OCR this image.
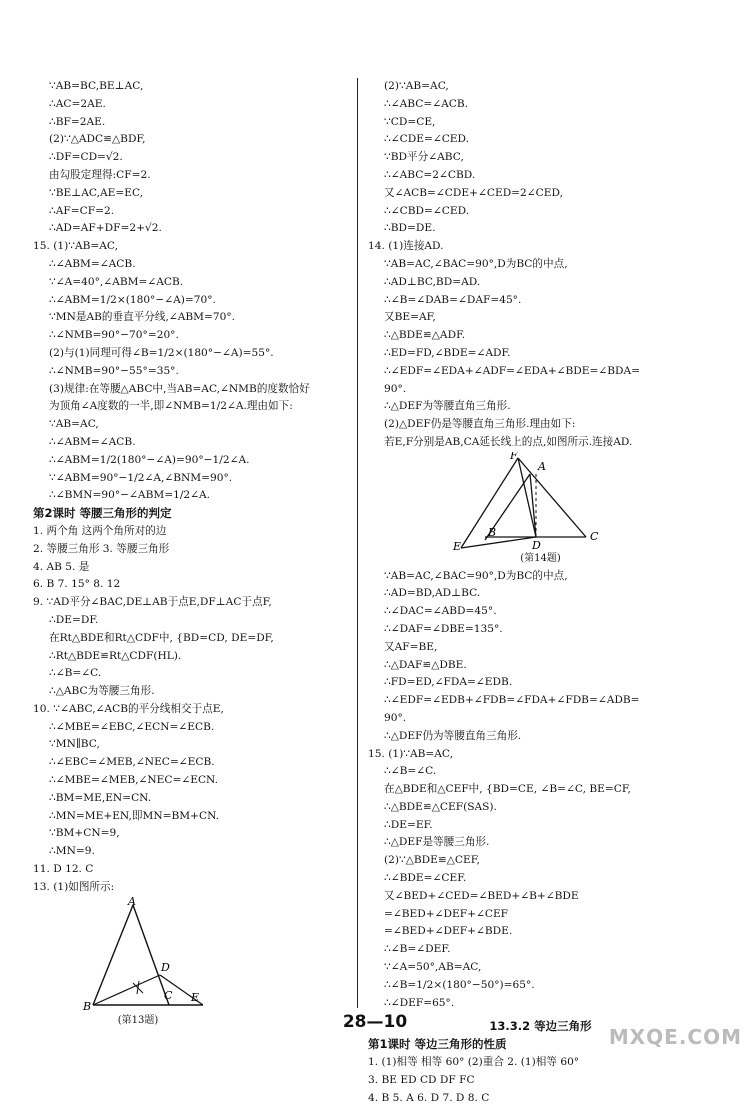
∵AB=BC,BE⊥AC,
∴AC=2AE.
∴BF=2AE.
(2)∵△ADC≌△BDF,
∴DF=CD=√2.
由勾股定理得:CF=2.
∵BE⊥AC,AE=EC,
∴AF=CF=2.
∴AD=AF+DF=2+√2.
15. (1)∵AB=AC,
∴∠ABM=∠ACB.
∵∠A=40°,∠ABM=∠ACB.
∴∠ABM=1/2×(180°−∠A)=70°.
∵MN是AB的垂直平分线,∠ABM=70°.
∴∠NMB=90°−70°=20°.
(2)与(1)同理可得∠B=1/2×(180°−∠A)=55°.
∴∠NMB=90°−55°=35°.
(3)规律:在等腰△ABC中,当AB=AC,∠NMB的度数恰好
为顶角∠A度数的一半,即∠NMB=1/2∠A.理由如下:
∵AB=AC,
∴∠ABM=∠ACB.
∴∠ABM=1/2(180°−∠A)=90°−1/2∠A.
∵∠ABM=90°−1/2∠A,∠BNM=90°.
∴∠BMN=90°−∠ABM=1/2∠A.
第2课时 等腰三角形的判定
1. 两个角 这两个角所对的边
2. 等腰三角形 3. 等腰三角形
4. AB 5. 是
6. B 7. 15° 8. 12
9. ∵AD平分∠BAC,DE⊥AB于点E,DF⊥AC于点F,
∴DE=DF.
在Rt△BDE和Rt△CDF中, {BD=CD, DE=DF,
∴Rt△BDE≌Rt△CDF(HL).
∴∠B=∠C.
∴△ABC为等腰三角形.
10. ∵∠ABC,∠ACB的平分线相交于点E,
∴∠MBE=∠EBC,∠ECN=∠ECB.
∵MN∥BC,
∴∠EBC=∠MEB,∠NEC=∠ECB.
∴∠MBE=∠MEB,∠NEC=∠ECN.
∴BM=ME,EN=CN.
∴MN=ME+EN,即MN=BM+CN.
∵BM+CN=9,
∴MN=9.
11. D 12. C
13. (1)如图所示:
A
B
C
D
E
(第13题)
(2)∵AB=AC,
∴∠ABC=∠ACB.
∵CD=CE,
∴∠CDE=∠CED.
∵BD平分∠ABC,
∴∠ABC=2∠CBD.
又∠ACB=∠CDE+∠CED=2∠CED,
∴∠CBD=∠CED.
∴BD=DE.
14. (1)连接AD.
∵AB=AC,∠BAC=90°,D为BC的中点,
∴AD⊥BC,BD=AD.
∴∠B=∠DAB=∠DAF=45°.
又BE=AF,
∴△BDE≌△ADF.
∴ED=FD,∠BDE=∠ADF.
∴∠EDF=∠EDA+∠ADF=∠EDA+∠BDE=∠BDA=
90°.
∴△DEF为等腰直角三角形.
(2)△DEF仍是等腰直角三角形.理由如下:
若E,F分别是AB,CA延长线上的点,如图所示.连接AD.
F
A
B
D
C
E
(第14题)
∵AB=AC,∠BAC=90°,D为BC的中点,
∴AD=BD,AD⊥BC.
∴∠DAC=∠ABD=45°.
∴∠DAF=∠DBE=135°.
又AF=BE,
∴△DAF≌△DBE.
∴FD=ED,∠FDA=∠EDB.
∴∠EDF=∠EDB+∠FDB=∠FDA+∠FDB=∠ADB=
90°.
∴△DEF仍为等腰直角三角形.
15. (1)∵AB=AC,
∴∠B=∠C.
在△BDE和△CEF中, {BD=CE, ∠B=∠C, BE=CF,
∴△BDE≌△CEF(SAS).
∴DE=EF.
∴△DEF是等腰三角形.
(2)∵△BDE≌△CEF,
∴∠BDE=∠CEF.
又∠BED+∠CED=∠BED+∠B+∠BDE
=∠BED+∠DEF+∠CEF
=∠BED+∠DEF+∠BDE.
∴∠B=∠DEF.
∵∠A=50°,AB=AC,
∴∠B=1/2×(180°−50°)=65°.
∴∠DEF=65°.
13.3.2 等边三角形
第1课时 等边三角形的性质
1. (1)相等 相等 60° (2)重合 2. (1)相等 60°
3. BE ED CD DF FC
4. B 5. A 6. D 7. D 8. C
28—10
MXQE.COM
